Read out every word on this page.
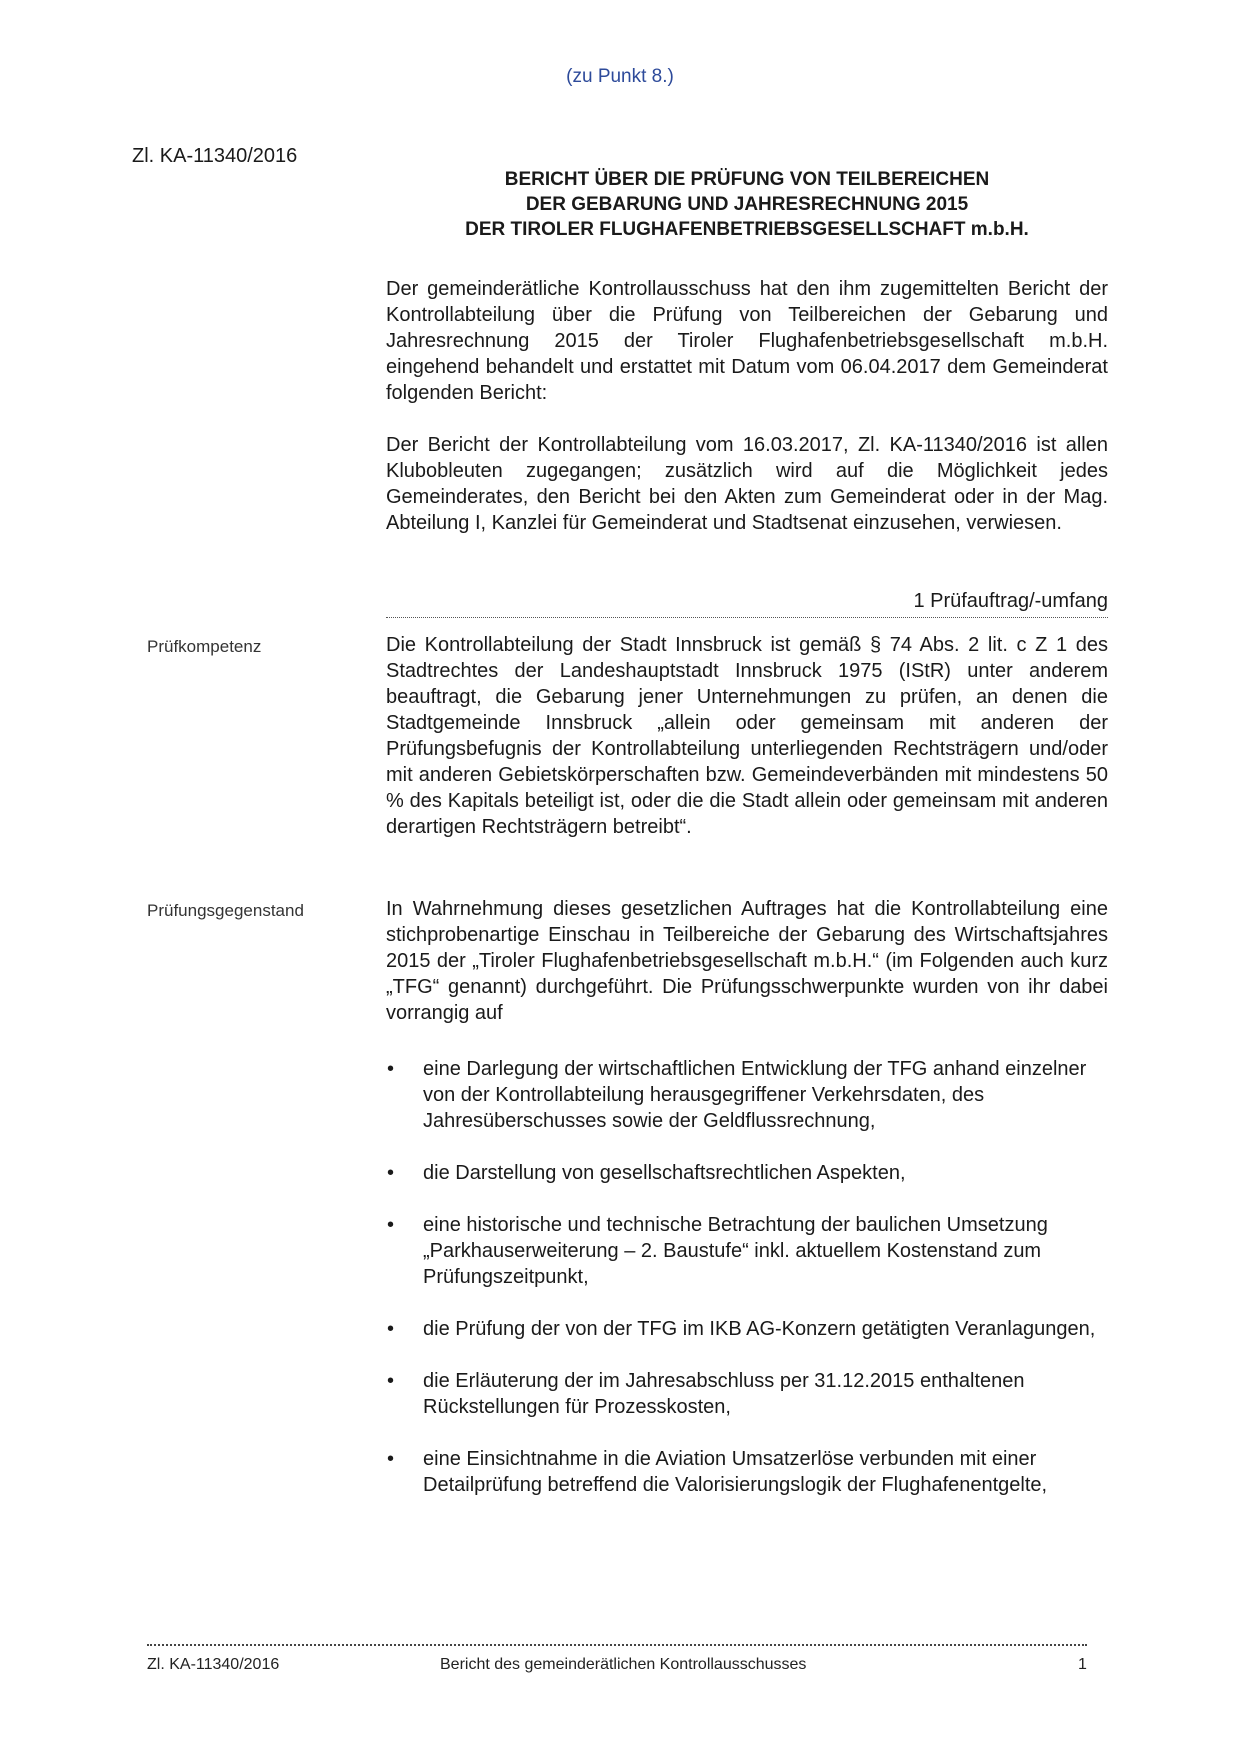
(zu Punkt 8.)
Zl. KA-11340/2016
BERICHT ÜBER DIE PRÜFUNG VON TEILBEREICHEN
DER GEBARUNG UND JAHRESRECHNUNG 2015
DER TIROLER FLUGHAFENBETRIEBSGESELLSCHAFT m.b.H.

Der gemeinderätliche Kontrollausschuss hat den ihm zugemittelten Bericht der Kontrollabteilung über die Prüfung von Teilbereichen der Gebarung und Jahresrechnung 2015 der Tiroler Flughafenbetriebsgesellschaft m.b.H. eingehend behandelt und erstattet mit Datum vom 06.04.2017 dem Gemeinderat folgenden Bericht:

Der Bericht der Kontrollabteilung vom 16.03.2017, Zl. KA-11340/2016 ist allen Klubobleuten zugegangen; zusätzlich wird auf die Möglichkeit jedes Gemeinderates, den Bericht bei den Akten zum Gemeinderat oder in der Mag. Abteilung I, Kanzlei für Gemeinderat und Stadtsenat einzusehen, verwiesen.

1 Prüfauftrag/-umfang
Prüfkompetenz	Die Kontrollabteilung der Stadt Innsbruck ist gemäß § 74 Abs. 2 lit. c Z 1 des Stadtrechtes der Landeshauptstadt Innsbruck 1975 (IStR) unter anderem beauftragt, die Gebarung jener Unternehmungen zu prüfen, an denen die Stadtgemeinde Innsbruck „allein oder gemeinsam mit anderen der Prüfungsbefugnis der Kontrollabteilung unterliegenden Rechtsträgern und/oder mit anderen Gebietskörperschaften bzw. Gemeindeverbänden mit mindestens 50 % des Kapitals beteiligt ist, oder die die Stadt allein oder gemeinsam mit anderen derartigen Rechtsträgern betreibt“.

Prüfungsgegenstand	In Wahrnehmung dieses gesetzlichen Auftrages hat die Kontrollabteilung eine stichprobenartige Einschau in Teilbereiche der Gebarung des Wirtschaftsjahres 2015 der „Tiroler Flughafenbetriebsgesellschaft m.b.H.“ (im Folgenden auch kurz „TFG“ genannt) durchgeführt. Die Prüfungsschwerpunkte wurden von ihr dabei vorrangig auf

• eine Darlegung der wirtschaftlichen Entwicklung der TFG anhand einzelner von der Kontrollabteilung herausgegriffener Verkehrsdaten, des Jahresüberschusses sowie der Geldflussrechnung,
• die Darstellung von gesellschaftsrechtlichen Aspekten,
• eine historische und technische Betrachtung der baulichen Umsetzung „Parkhauserweiterung – 2. Baustufe“ inkl. aktuellem Kostenstand zum Prüfungszeitpunkt,
• die Prüfung der von der TFG im IKB AG-Konzern getätigten Veranlagungen,
• die Erläuterung der im Jahresabschluss per 31.12.2015 enthaltenen Rückstellungen für Prozesskosten,
• eine Einsichtnahme in die Aviation Umsatzerlöse verbunden mit einer Detailprüfung betreffend die Valorisierungslogik der Flughafenentgelte,
Zl. KA-11340/2016	Bericht des gemeinderätlichen Kontrollausschusses	1
